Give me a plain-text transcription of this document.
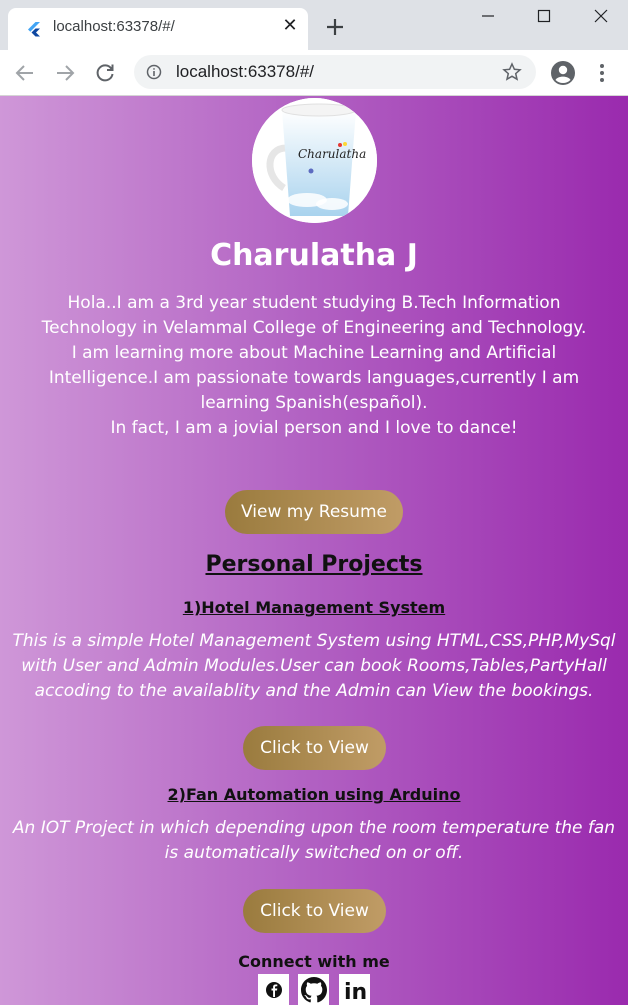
localhost:63378/#/	✕
localhost:63378/#/
Charulatha
Charulatha J

Hola..I am a 3rd year student studying B.Tech Information Technology in Velammal College of Engineering and Technology.

I am learning more about Machine Learning and Artificial Intelligence.I am passionate towards languages,currently I am learning Spanish(español).

In fact, I am a jovial person and I love to dance!

View my Resume
Personal Projects
1)Hotel Management System
This is a simple Hotel Management System using HTML,CSS,PHP,MySql with User and Admin Modules.User can book Rooms,Tables,PartyHall accoding to the availablity and the Admin can View the bookings.
Click to View
2)Fan Automation using Arduino
An IOT Project in which depending upon the room temperature the fan is automatically switched on or off.
Click to View
Connect with me
in
